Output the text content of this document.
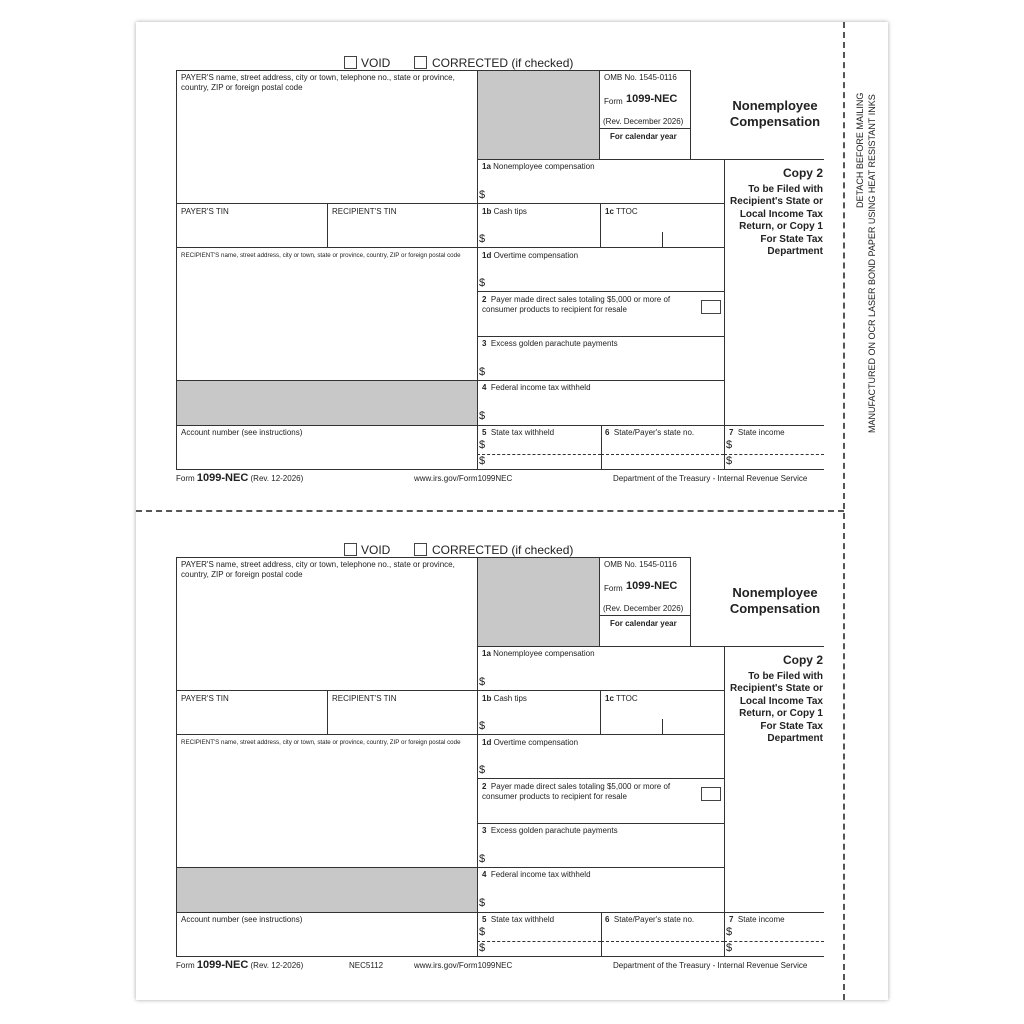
DETACH BEFORE MAILING MANUFACTURED ON OCR LASER BOND PAPER USING HEAT RESISTANT INKS
VOID	CORRECTED (if checked)
PAYER'S name, street address, city or town, telephone no., state or province, country, ZIP or foreign postal code
OMB No. 1545-0116
Form 1099-NEC
(Rev. December 2026)
For calendar year
Nonemployee Compensation
1a Nonemployee compensation
$
Copy 2
To be Filed with Recipient's State or Local Income Tax Return, or Copy 1 For State Tax Department
PAYER'S TIN	RECIPIENT'S TIN	1b Cash tips
$
1c TTOC
RECIPIENT'S name, street address, city or town, state or province, country, ZIP or foreign postal code	1d Overtime compensation
$
2 Payer made direct sales totaling $5,000 or more of consumer products to recipient for resale
3 Excess golden parachute payments
$
4 Federal income tax withheld
$
Account number (see instructions)	5 State tax withheld
$
$
6 State/Payer's state no.	7 State income
$
$
Form 1099-NEC (Rev. 12-2026)	www.irs.gov/Form1099NEC	Department of the Treasury - Internal Revenue Service
VOID	CORRECTED (if checked)
PAYER'S name, street address, city or town, telephone no., state or province, country, ZIP or foreign postal code
OMB No. 1545-0116
Form 1099-NEC
(Rev. December 2026)
For calendar year
Nonemployee Compensation
1a Nonemployee compensation
$
Copy 2
To be Filed with Recipient's State or Local Income Tax Return, or Copy 1 For State Tax Department
PAYER'S TIN	RECIPIENT'S TIN	1b Cash tips
$
1c TTOC
RECIPIENT'S name, street address, city or town, state or province, country, ZIP or foreign postal code	1d Overtime compensation
$
2 Payer made direct sales totaling $5,000 or more of consumer products to recipient for resale
3 Excess golden parachute payments
$
4 Federal income tax withheld
$
Account number (see instructions)	5 State tax withheld
$
$
6 State/Payer's state no.	7 State income
$
$
Form 1099-NEC (Rev. 12-2026)	NEC5112	www.irs.gov/Form1099NEC	Department of the Treasury - Internal Revenue Service
